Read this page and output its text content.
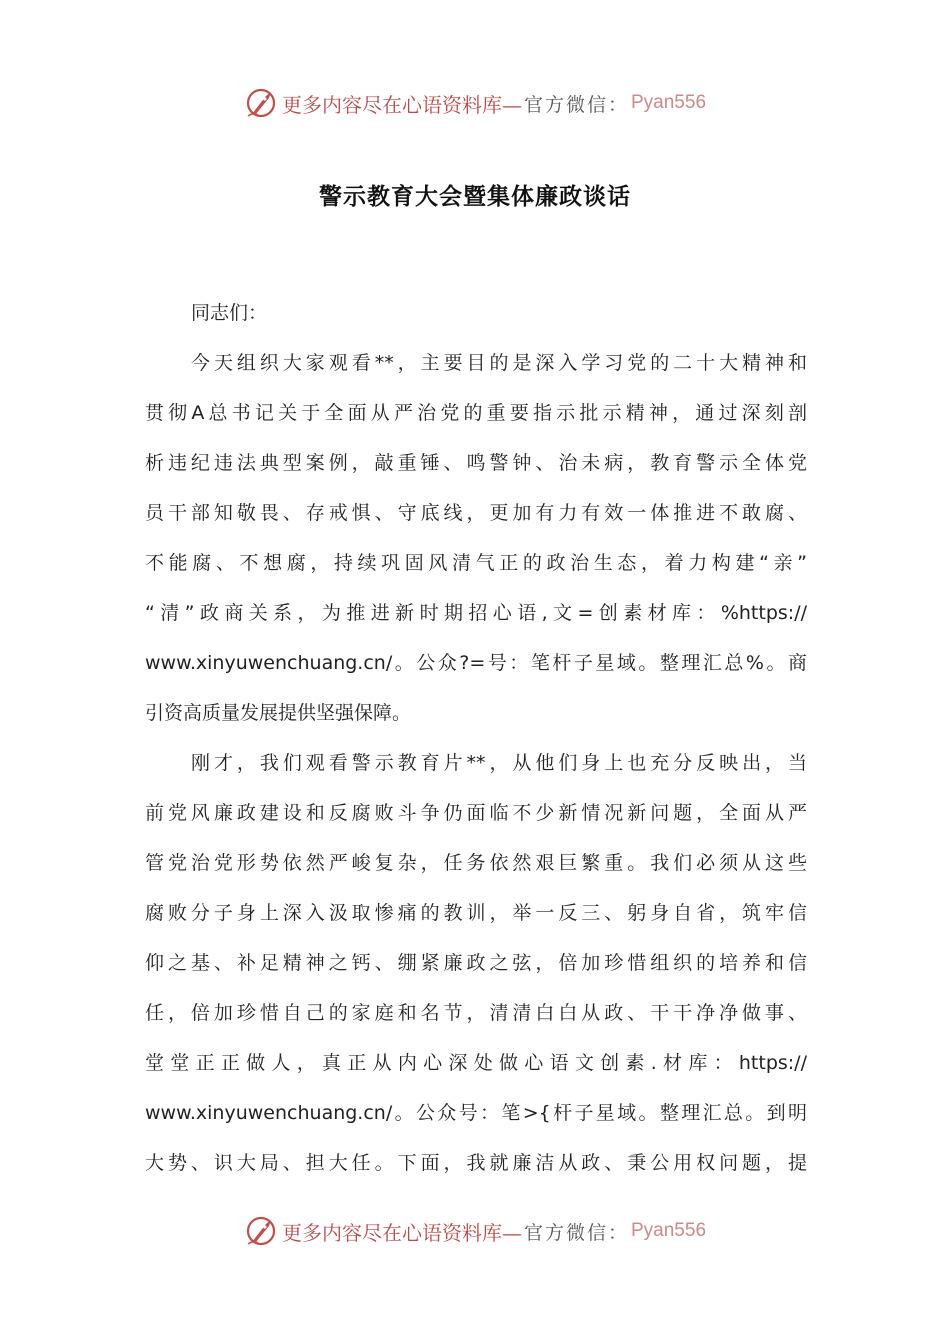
更多内容尽在心语资料库— 官方微信： Pyan556
警示教育大会暨集体廉政谈话
同志们：
今天组织大家观看**，主要目的是深入学习党的二十大精神和
贯彻A总书记关于全面从严治党的重要指示批示精神，通过深刻剖
析违纪违法典型案例，敲重锤、鸣警钟、治未病，教育警示全体党
员干部知敬畏、存戒惧、守底线，更加有力有效一体推进不敢腐、
不能腐、不想腐，持续巩固风清气正的政治生态，着力构建“亲”
“清”政商关系，为推进新时期招心语,文=创素材库：%https://
www.xinyuwenchuang.cn/。公众?=号：笔杆子星域。整理汇总%。商
引资高质量发展提供坚强保障。
刚才，我们观看警示教育片**，从他们身上也充分反映出，当
前党风廉政建设和反腐败斗争仍面临不少新情况新问题，全面从严
管党治党形势依然严峻复杂，任务依然艰巨繁重。我们必须从这些
腐败分子身上深入汲取惨痛的教训，举一反三、躬身自省，筑牢信
仰之基、补足精神之钙、绷紧廉政之弦，倍加珍惜组织的培养和信
任，倍加珍惜自己的家庭和名节，清清白白从政、干干净净做事、
堂堂正正做人，真正从内心深处做心语文创素.材库：https://
www.xinyuwenchuang.cn/。公众号：笔>{杆子星域。整理汇总。到明
大势、识大局、担大任。下面，我就廉洁从政、秉公用权问题，提
更多内容尽在心语资料库— 官方微信： Pyan556
